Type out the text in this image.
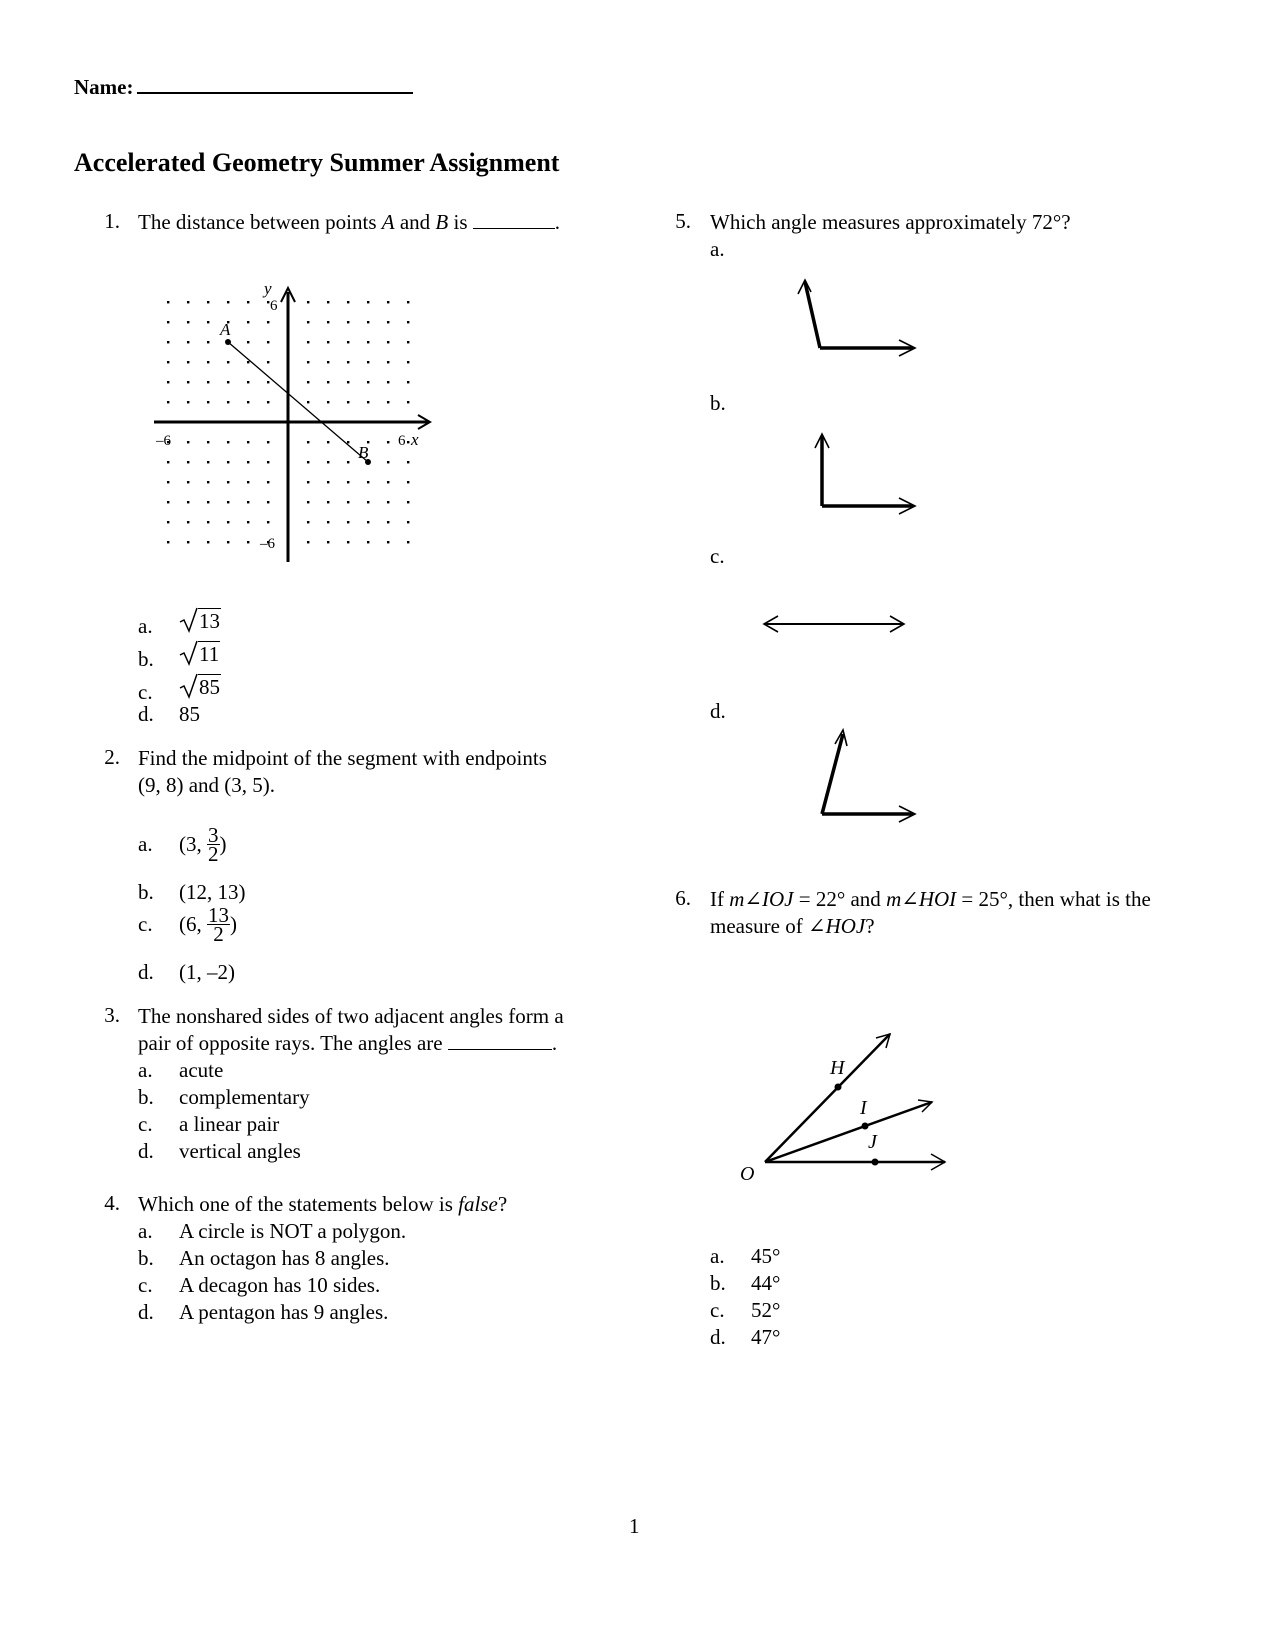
Name:
Accelerated Geometry Summer Assignment
1. The distance between points A and B is	.
y
6
x
6
–6
–6
A
B
a. 13
b. 11
c. 85
d. 85
2. Find the midpoint of the segment with endpoints
(9, 8) and (3, 5).
a. (3, $\frac{3}{2}$ )
b. (12, 13)
c. (6, $\frac{13}{2}$ )
d. (1, –2)
3. The nonshared sides of two adjacent angles form a
pair of opposite rays. The angles are	.
a. acute
b. complementary
c. a linear pair
d. vertical angles
4. Which one of the statements below is false?
a. A circle is NOT a polygon.
b. An octagon has 8 angles.
c. A decagon has 10 sides.
d. A pentagon has 9 angles.
5. Which angle measures approximately 72°?
a.
b.
c.
d.
6. If m∠IOJ = 22° and m∠HOI = 25°, then what is the
measure of ∠HOJ?
H
I
J
O
a. 45°
b. 44°
c. 52°
d. 47°
1
